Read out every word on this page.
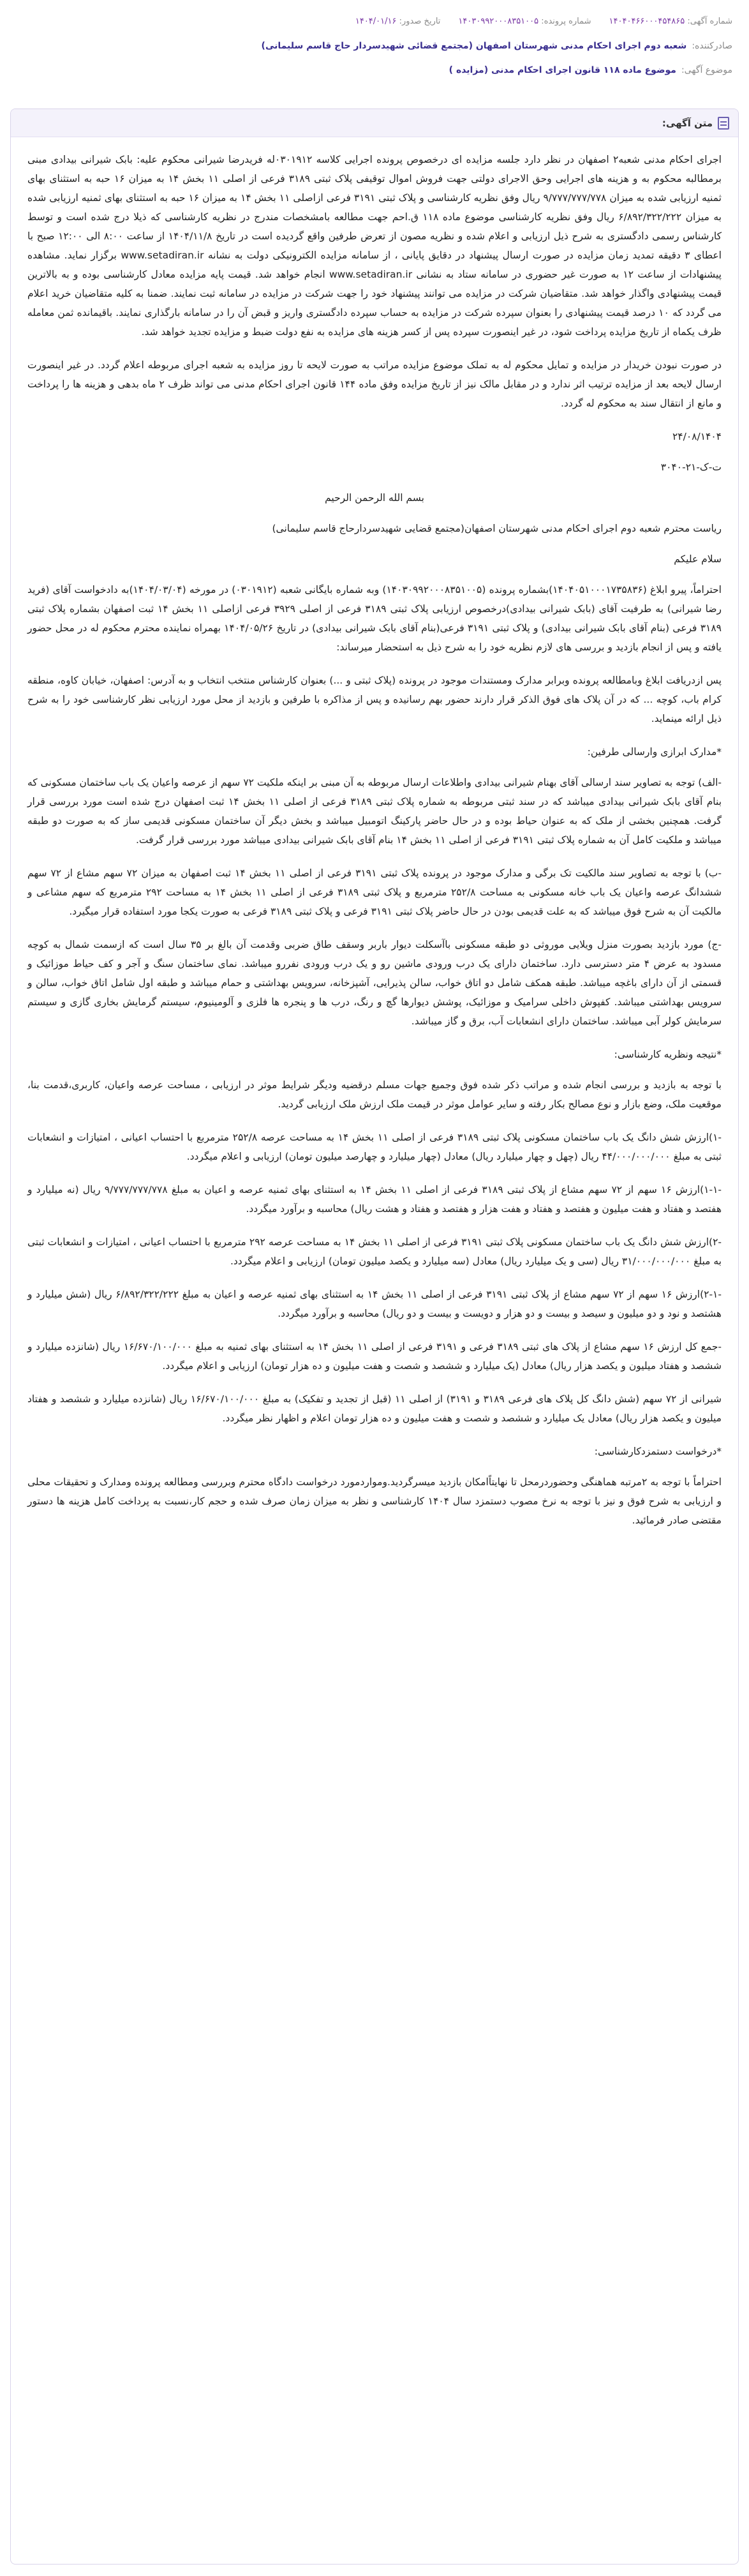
شماره آگهی: ۱۴۰۴۰۴۶۶۰۰۰۴۵۴۸۶۵
شماره پرونده: ۱۴۰۳۰۹۹۲۰۰۰۸۳۵۱۰۰۵
تاریخ صدور: ۱۴۰۴/۰۱/۱۶
صادرکننده:
شعبه دوم اجرای احکام مدنی شهرستان اصفهان (مجتمع قضائی شهیدسردار حاج قاسم سلیمانی)
موضوع آگهی:
موضوع ماده ۱۱۸ قانون اجرای احکام مدنی (مزایده )
متن آگهی:

اجرای احکام مدنی شعبه۲ اصفهان در نظر دارد جلسه مزایده ای درخصوص پرونده اجرایی کلاسه ۰۳۰۱۹۱۲له فریدرضا شیرانی محکوم علیه: بابک شیرانی بیدادی مبنی برمطالبه محکوم به و هزینه های اجرایی وحق الاجرای دولتی جهت فروش اموال توقیفی پلاک ثبتی ۳۱۸۹ فرعی از اصلی ۱۱ بخش ۱۴ به میزان ۱۶ حبه به استثنای بهای ثمنیه ارزیابی شده به میزان ۹/۷۷۷/۷۷۷/۷۷۸ ریال وفق نظریه کارشناسی و پلاک ثبتی ۳۱۹۱ فرعی ازاصلی ۱۱ بخش ۱۴ به میزان ۱۶ حبه به استثنای بهای ثمنیه ارزیابی شده به میزان ۶/۸۹۲/۳۲۲/۲۲۲ ریال وفق نظریه کارشناسی موضوع ماده ۱۱۸ ق.احم جهت مطالعه بامشخصات مندرج در نظریه کارشناسی که ذیلا درج شده است و توسط کارشناس رسمی دادگستری به شرح ذیل ارزیابی و اعلام شده و نظریه مصون از تعرض طرفین واقع گردیده است در تاریخ ۱۴۰۴/۱۱/۸ از ساعت ۸:۰۰ الی ۱۲:۰۰ صبح با اعطای ۳ دقیقه تمدید زمان مزایده در صورت ارسال پیشنهاد در دقایق پایانی ، از سامانه مزایده الکترونیکی دولت به نشانه www.setadiran.ir برگزار نماید. مشاهده پیشنهادات از ساعت ۱۲ به صورت غیر حضوری در سامانه ستاد به نشانی www.setadiran.ir انجام خواهد شد. قیمت پایه مزایده معادل کارشناسی بوده و به بالاترین قیمت پیشنهادی واگذار خواهد شد. متقاضیان شرکت در مزایده می توانند پیشنهاد خود را جهت شرکت در مزایده در سامانه ثبت نمایند. ضمنا به کلیه متقاضیان خرید اعلام می گردد که ۱۰ درصد قیمت پیشنهادی را بعنوان سپرده شرکت در مزایده به حساب سپرده دادگستری واریز و قبض آن را در سامانه بارگذاری نمایند. باقیمانده ثمن معامله ظرف یکماه از تاریخ مزایده پرداخت شود، در غیر اینصورت سپرده پس از کسر هزینه های مزایده به نفع دولت ضبط و مزایده تجدید خواهد شد.

در صورت نبودن خریدار در مزایده و تمایل محکوم له به تملک موضوع مزایده مراتب به صورت لایحه تا روز مزایده به شعبه اجرای مربوطه اعلام گردد. در غیر اینصورت ارسال لایحه بعد از مزایده ترتیب اثر ندارد و در مقابل مالک نیز از تاریخ مزایده وفق ماده ۱۴۴ قانون اجرای احکام مدنی می تواند ظرف ۲ ماه بدهی و هزینه ها را پرداخت و مانع از انتقال سند به محکوم له گردد.

۲۴/۰۸/۱۴۰۴

ت-ک-۲۱-۳۰۴۰

بسم الله الرحمن الرحيم

ریاست محترم شعبه دوم اجرای احکام مدنی شهرستان اصفهان(مجتمع قضایی شهیدسردارحاج قاسم سلیمانی)

سلام علیکم

احتراماً، پیرو ابلاغ (۱۴۰۴۰۵۱۰۰۰۱۷۳۵۸۳۶)بشماره پرونده (۱۴۰۳۰۹۹۲۰۰۰۸۳۵۱۰۰۵) وبه شماره بایگانی شعبه (۰۳۰۱۹۱۲) در مورخه (۱۴۰۴/۰۳/۰۴)به دادخواست آقای (فرید رضا شیرانی) به طرفیت آقای (بابک شیرانی بیدادی)درخصوص ارزیابی پلاک ثبتی ۳۱۸۹ فرعی از اصلی ۳۹۲۹ فرعی ازاصلی ۱۱ بخش ۱۴ ثبت اصفهان بشماره پلاک ثبتی ۳۱۸۹ فرعی (بنام آقای بابک شیرانی بیدادی) و پلاک ثبتی ۳۱۹۱ فرعی(بنام آقای بابک شیرانی بیدادی) در تاریخ ۱۴۰۴/۰۵/۲۶ بهمراه نماینده محترم محکوم له در محل حضور یافته و پس از انجام بازدید و بررسی های لازم نظریه خود را به شرح ذیل به استحضار میرساند:

پس ازدریافت ابلاغ وبامطالعه پرونده وبرابر مدارک ومستندات موجود در پرونده (پلاک ثبتی و ...) بعنوان کارشناس منتخب انتخاب و به آدرس: اصفهان، خیابان کاوه، منطقه کرام باب، کوچه ... که در آن پلاک های فوق الذکر قرار دارند حضور بهم رسانیده و پس از مذاکره با طرفین و بازدید از محل مورد ارزیابی نظر کارشناسی خود را به شرح ذیل ارائه مینماید.

*مدارک ابرازی وارسالی طرفین:

-الف) توجه به تصاویر سند ارسالی آقای بهنام شیرانی بیدادی واطلاعات ارسال مربوطه به آن مبنی بر اینکه ملکیت ۷۲ سهم از عرصه واعیان یک باب ساختمان مسکونی که بنام آقای بابک شیرانی بیدادی میباشد که در سند ثبتی مربوطه به شماره پلاک ثبتی ۳۱۸۹ فرعی از اصلی ۱۱ بخش ۱۴ ثبت اصفهان درج شده است مورد بررسی قرار گرفت. همچنین بخشی از ملک که به عنوان حیاط بوده و در حال حاضر پارکینگ اتومبیل میباشد و بخش دیگر آن ساختمان مسکونی قدیمی ساز که به صورت دو طبقه میباشد و ملکیت کامل آن به شماره پلاک ثبتی ۳۱۹۱ فرعی از اصلی ۱۱ بخش ۱۴ بنام آقای بابک شیرانی بیدادی میباشد مورد بررسی قرار گرفت.

-ب) با توجه به تصاویر سند مالکیت تک برگی و مدارک موجود در پرونده پلاک ثبتی ۳۱۹۱ فرعی از اصلی ۱۱ بخش ۱۴ ثبت اصفهان به میزان ۷۲ سهم مشاع از ۷۲ سهم ششدانگ عرصه واعیان یک باب خانه مسکونی به مساحت ۲۵۲/۸ مترمربع و پلاک ثبتی ۳۱۸۹ فرعی از اصلی ۱۱ بخش ۱۴ به مساحت ۲۹۲ مترمربع که سهم مشاعی و مالکیت آن به شرح فوق میباشد که به علت قدیمی بودن در حال حاضر پلاک ثبتی ۳۱۹۱ فرعی و پلاک ثبتی ۳۱۸۹ فرعی به صورت یکجا مورد استفاده قرار میگیرد.

-ج) مورد بازدید بصورت منزل ویلایی موروثی دو طبقه مسکونی باآسکلت دیوار باربر وسقف طاق ضربی وقدمت آن بالغ بر ۳۵ سال است که ازسمت شمال به کوچه مسدود به عرض ۴ متر دسترسی دارد. ساختمان دارای یک درب ورودی ماشین رو و یک درب ورودی نفررو میباشد. نمای ساختمان سنگ و آجر و کف حیاط موزائیک و قسمتی از آن دارای باغچه میباشد. طبقه همکف شامل دو اتاق خواب، سالن پذیرایی، آشپزخانه، سرویس بهداشتی و حمام میباشد و طبقه اول شامل اتاق خواب، سالن و سرویس بهداشتی میباشد. کفپوش داخلی سرامیک و موزائیک، پوشش دیوارها گچ و رنگ، درب ها و پنجره ها فلزی و آلومینیوم، سیستم گرمایش بخاری گازی و سیستم سرمایش کولر آبی میباشد. ساختمان دارای انشعابات آب، برق و گاز میباشد.

*نتیجه ونظریه کارشناسی:

با توجه به بازدید و بررسی انجام شده و مراتب ذکر شده فوق وجمیع جهات مسلم درقضیه ودیگر شرایط موثر در ارزیابی ، مساحت عرصه واعیان، کاربری،قدمت بنا، موقعیت ملک، وضع بازار و نوع مصالح بکار رفته و سایر عوامل موثر در قیمت ملک ارزش ملک ارزیابی گردید.

-۱)ارزش شش دانگ یک باب ساختمان مسکونی پلاک ثبتی ۳۱۸۹ فرعی از اصلی ۱۱ بخش ۱۴ به مساحت عرصه ۲۵۲/۸ مترمربع با احتساب اعیانی ، امتیازات و انشعابات ثبتی به مبلغ ۴۴/۰۰۰/۰۰۰/۰۰۰ ریال (چهل و چهار میلیارد ریال) معادل (چهار میلیارد و چهارصد میلیون تومان) ارزیابی و اعلام میگردد.

-۱-۱)ارزش ۱۶ سهم از ۷۲ سهم مشاع از پلاک ثبتی ۳۱۸۹ فرعی از اصلی ۱۱ بخش ۱۴ به استثنای بهای ثمنیه عرصه و اعیان به مبلغ ۹/۷۷۷/۷۷۷/۷۷۸ ریال (نه میلیارد و هفتصد و هفتاد و هفت میلیون و هفتصد و هفتاد و هفت هزار و هفتصد و هفتاد و هشت ریال) محاسبه و برآورد میگردد.

-۲)ارزش شش دانگ یک باب ساختمان مسکونی پلاک ثبتی ۳۱۹۱ فرعی از اصلی ۱۱ بخش ۱۴ به مساحت عرصه ۲۹۲ مترمربع با احتساب اعیانی ، امتیازات و انشعابات ثبتی به مبلغ ۳۱/۰۰۰/۰۰۰/۰۰۰ ریال (سی و یک میلیارد ریال) معادل (سه میلیارد و یکصد میلیون تومان) ارزیابی و اعلام میگردد.

-۲-۱)ارزش ۱۶ سهم از ۷۲ سهم مشاع از پلاک ثبتی ۳۱۹۱ فرعی از اصلی ۱۱ بخش ۱۴ به استثنای بهای ثمنیه عرصه و اعیان به مبلغ ۶/۸۹۲/۳۲۲/۲۲۲ ریال (شش میلیارد و هشتصد و نود و دو میلیون و سیصد و بیست و دو هزار و دویست و بیست و دو ریال) محاسبه و برآورد میگردد.

-جمع کل ارزش ۱۶ سهم مشاع از پلاک های ثبتی ۳۱۸۹ فرعی و ۳۱۹۱ فرعی از اصلی ۱۱ بخش ۱۴ به استثنای بهای ثمنیه به مبلغ ۱۶/۶۷۰/۱۰۰/۰۰۰ ریال (شانزده میلیارد و ششصد و هفتاد میلیون و یکصد هزار ریال) معادل (یک میلیارد و ششصد و شصت و هفت میلیون و ده هزار تومان) ارزیابی و اعلام میگردد.

شیرانی از ۷۲ سهم (شش دانگ کل پلاک های فرعی ۳۱۸۹ و ۳۱۹۱) از اصلی ۱۱ (قبل از تجدید و تفکیک) به مبلغ ۱۶/۶۷۰/۱۰۰/۰۰۰ ریال (شانزده میلیارد و ششصد و هفتاد میلیون و یکصد هزار ریال) معادل یک میلیارد و ششصد و شصت و هفت میلیون و ده هزار تومان اعلام و اظهار نظر میگردد.

*درخواست دستمزدکارشناسی:

احتراماً با توجه به ۲مرتبه هماهنگی وحضوردرمحل تا نهایتاًامکان بازدید میسرگردید.ومواردمورد درخواست دادگاه محترم وبررسی ومطالعه پرونده ومدارک و تحقیقات محلی و ارزیابی به شرح فوق و نیز با توجه به نرخ مصوب دستمزد سال ۱۴۰۴ کارشناسی و نظر به میزان زمان صرف شده و حجم کار،نسبت به پرداخت کامل هزینه ها دستور مقتضی صادر فرمائید.
